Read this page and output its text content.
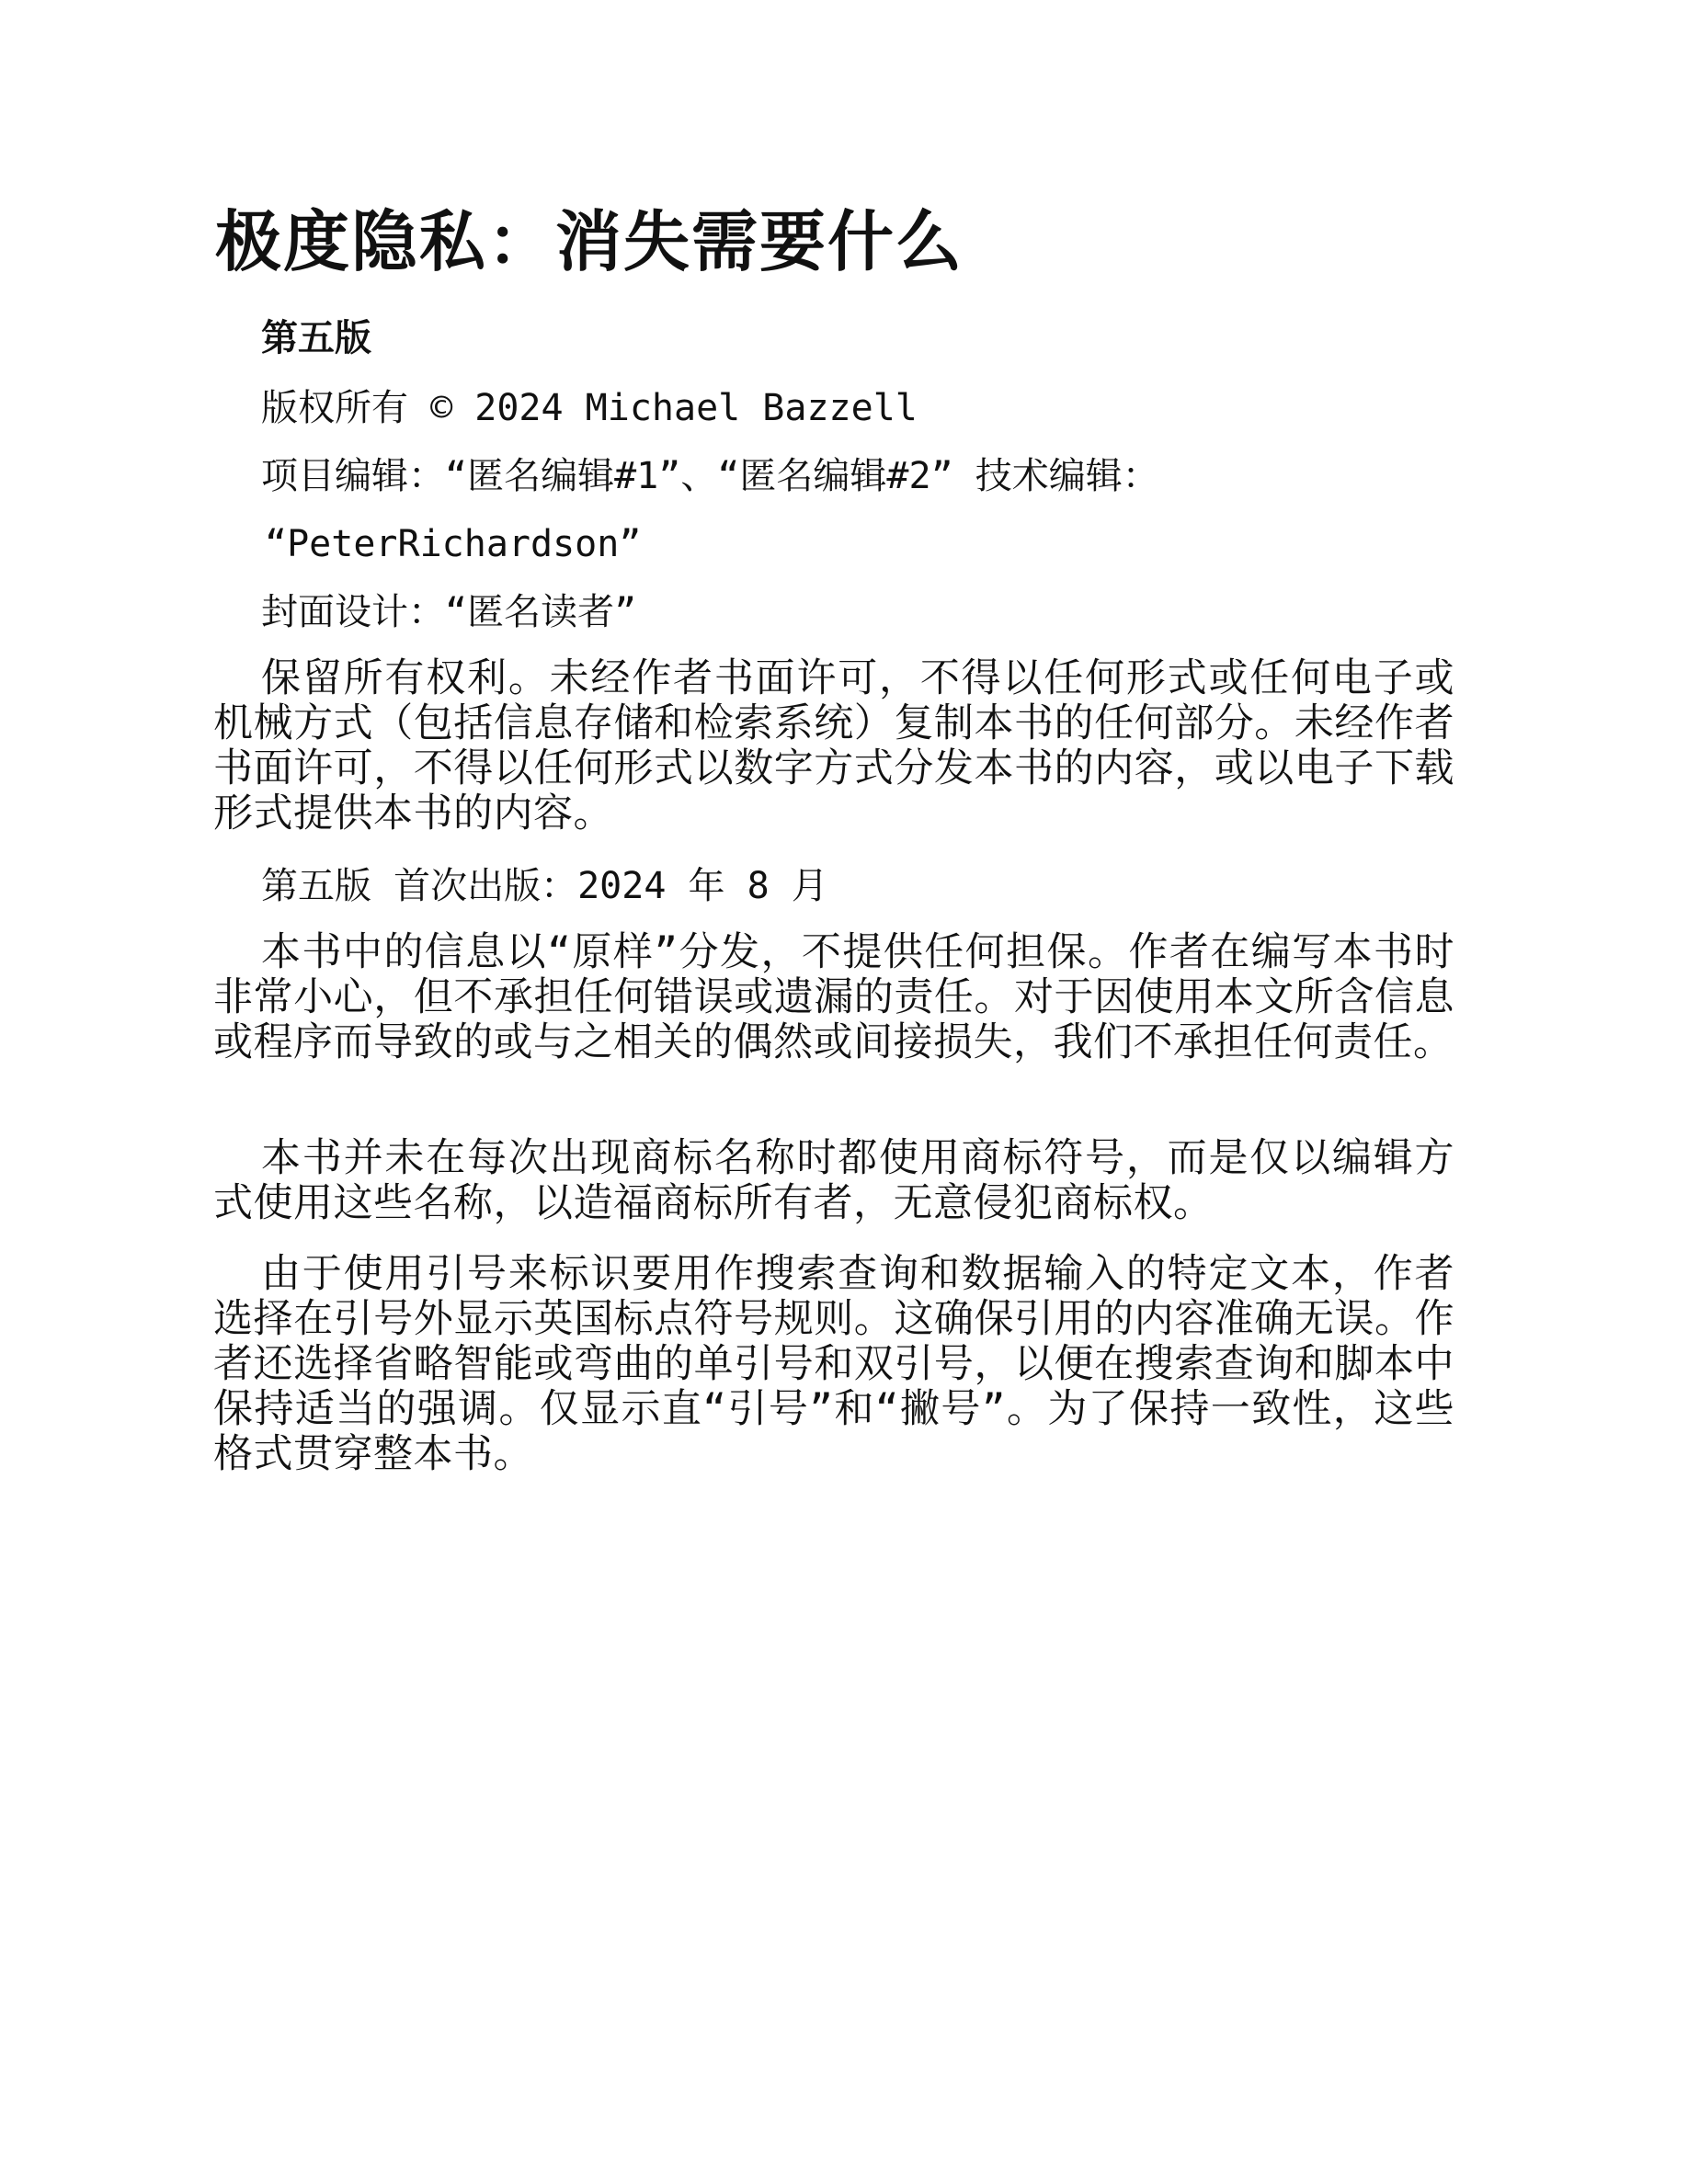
极度隐私：消失需要什么

第五版

版权所有 © 2024 Michael Bazzell

项目编辑：“匿名编辑#1”、“匿名编辑#2” 技术编辑：

“PeterRichardson”

封面设计：“匿名读者”

保留所有权利。未经作者书面许可，不得以任何形式或任何电子或机械方式（包括信息存储和检索系统）复制本书的任何部分。未经作者书面许可，不得以任何形式以数字方式分发本书的内容，或以电子下载形式提供本书的内容。

第五版 首次出版：2024 年 8 月

本书中的信息以“原样”分发，不提供任何担保。作者在编写本书时非常小心，但不承担任何错误或遗漏的责任。对于因使用本文所含信息或程序而导致的或与之相关的偶然或间接损失，我们不承担任何责任。

本书并未在每次出现商标名称时都使用商标符号，而是仅以编辑方式使用这些名称，以造福商标所有者，无意侵犯商标权。

由于使用引号来标识要用作搜索查询和数据输入的特定文本，作者选择在引号外显示英国标点符号规则。这确保引用的内容准确无误。作者还选择省略智能或弯曲的单引号和双引号，以便在搜索查询和脚本中保持适当的强调。仅显示直“引号”和“撇号”。为了保持一致性，这些格式贯穿整本书。
